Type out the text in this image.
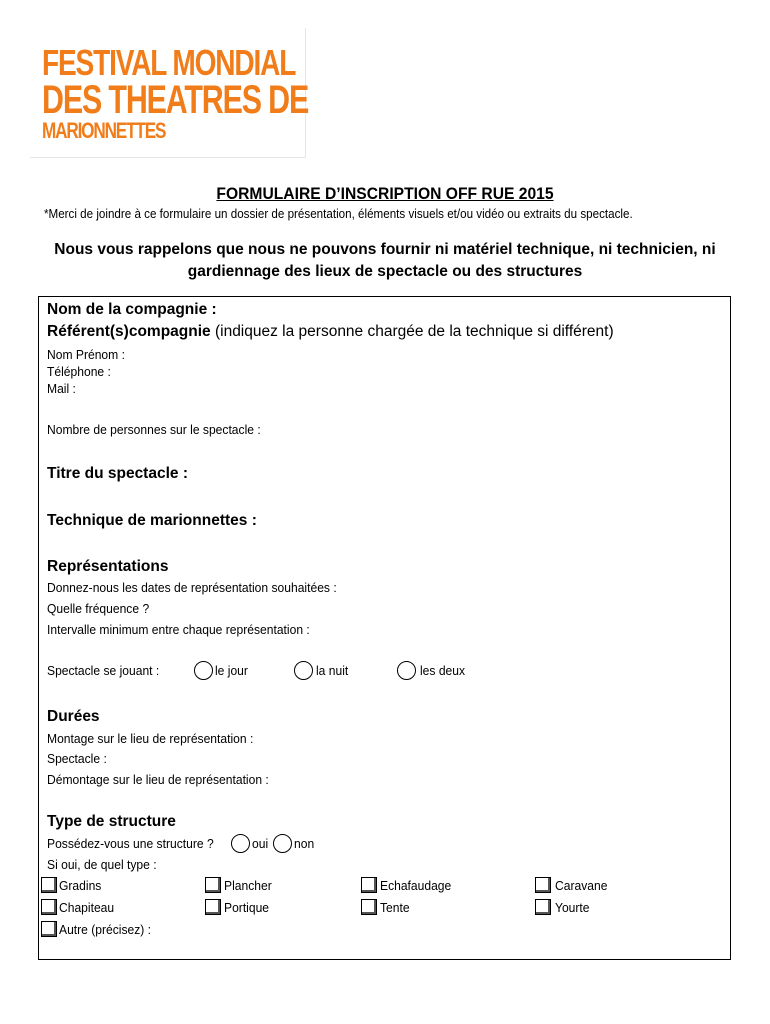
FESTIVAL MONDIAL
DES THEATRES DE
MARIONNETTES
FORMULAIRE D’INSCRIPTION OFF RUE 2015
*Merci de joindre à ce formulaire un dossier de présentation, éléments visuels et/ou vidéo ou extraits du spectacle.
Nous vous rappelons que nous ne pouvons fournir ni matériel technique, ni technicien, ni gardiennage des lieux de spectacle ou des structures
Nom de la compagnie :
Référent(s)compagnie (indiquez la personne chargée de la technique si différent)
Nom Prénom :
Téléphone :
Mail :
Nombre de personnes sur le spectacle :
Titre du spectacle :
Technique de marionnettes :
Représentations
Donnez-nous les dates de représentation souhaitées :
Quelle fréquence ?
Intervalle minimum entre chaque représentation :
Spectacle se jouant :	le jour	la nuit	les deux
Durées
Montage sur le lieu de représentation :
Spectacle :
Démontage sur le lieu de représentation :
Type de structure
Possédez-vous une structure ?	oui non
Si oui, de quel type :
Gradins	Plancher	Echafaudage	Caravane
Chapiteau	Portique	Tente	Yourte
Autre (précisez) :
